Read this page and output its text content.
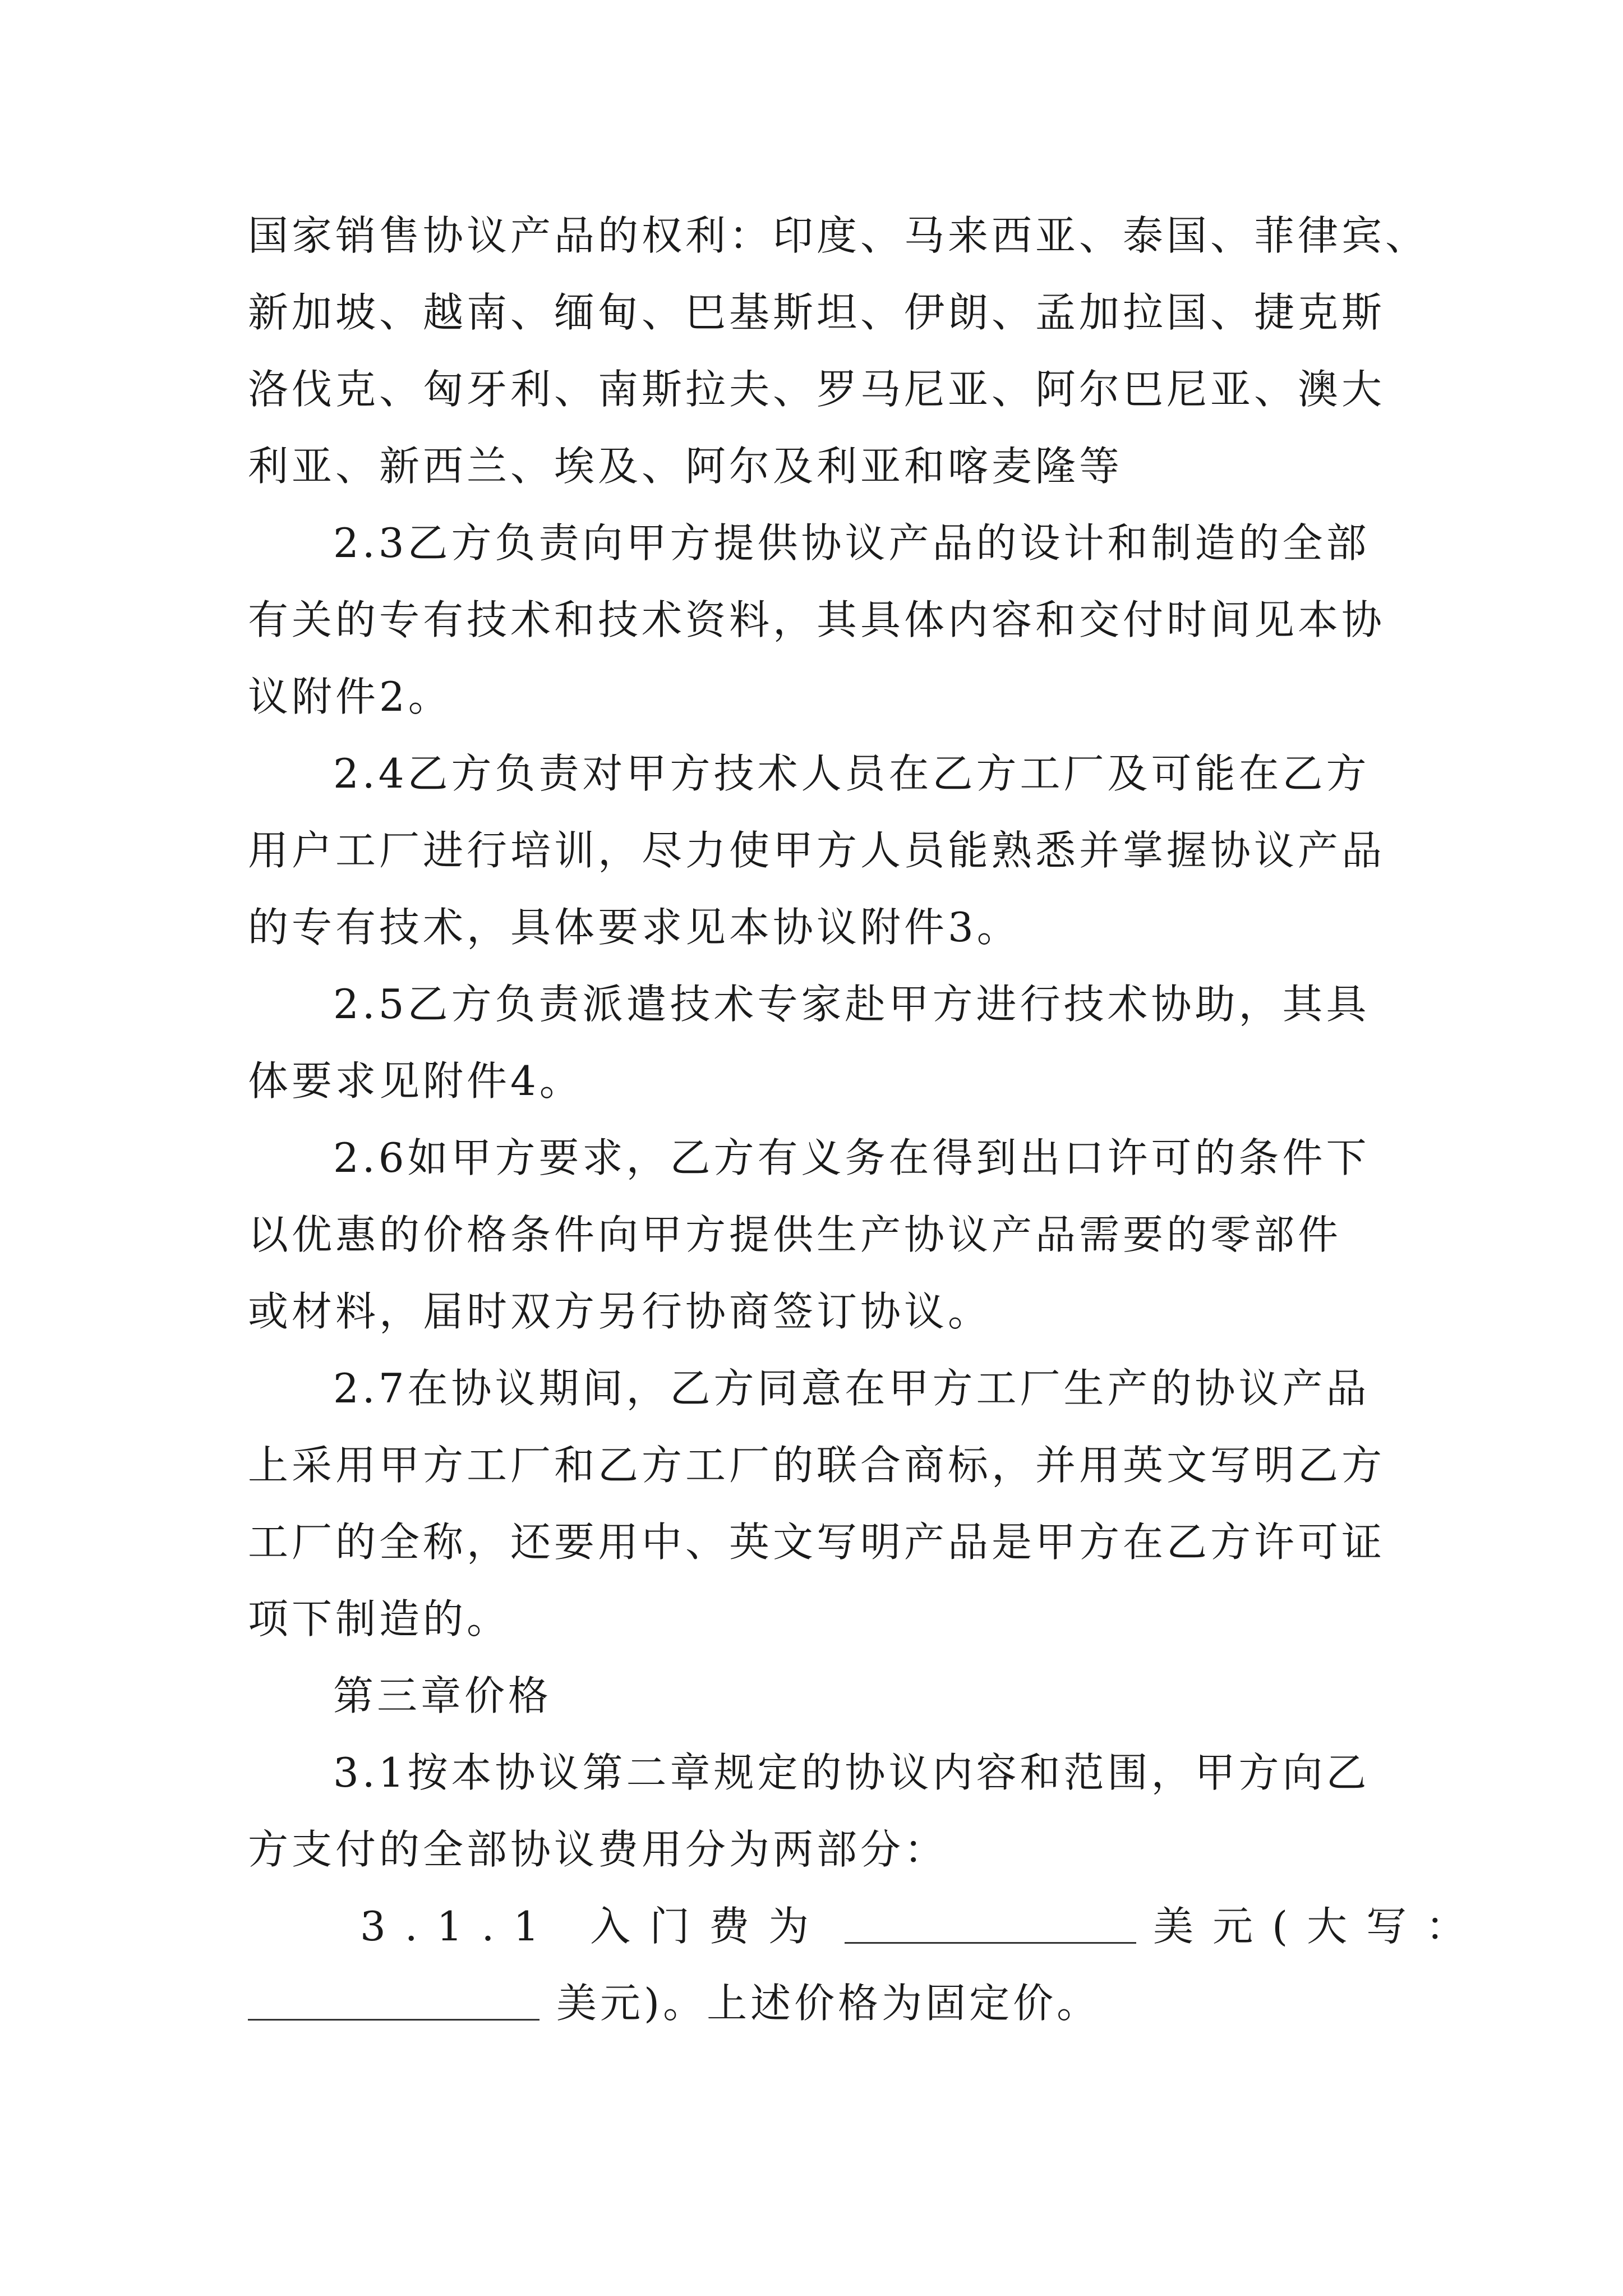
国家销售协议产品的权利：印度、马来西亚、泰国、菲律宾、
新加坡、越南、缅甸、巴基斯坦、伊朗、孟加拉国、捷克斯
洛伐克、匈牙利、南斯拉夫、罗马尼亚、阿尔巴尼亚、澳大
利亚、新西兰、埃及、阿尔及利亚和喀麦隆等
2.3乙方负责向甲方提供协议产品的设计和制造的全部
有关的专有技术和技术资料，其具体内容和交付时间见本协
议附件2。
2.4乙方负责对甲方技术人员在乙方工厂及可能在乙方
用户工厂进行培训，尽力使甲方人员能熟悉并掌握协议产品
的专有技术，具体要求见本协议附件3。
2.5乙方负责派遣技术专家赴甲方进行技术协助，其具
体要求见附件4。
2.6如甲方要求，乙方有义务在得到出口许可的条件下
以优惠的价格条件向甲方提供生产协议产品需要的零部件
或材料，届时双方另行协商签订协议。
2.7在协议期间，乙方同意在甲方工厂生产的协议产品
上采用甲方工厂和乙方工厂的联合商标，并用英文写明乙方
工厂的全称，还要用中、英文写明产品是甲方在乙方许可证
项下制造的。
第三章价格
3.1按本协议第二章规定的协议内容和范围，甲方向乙
方支付的全部协议费用分为两部分：
3.1.1 入门费为	美元(大写：
美元)。上述价格为固定价。
